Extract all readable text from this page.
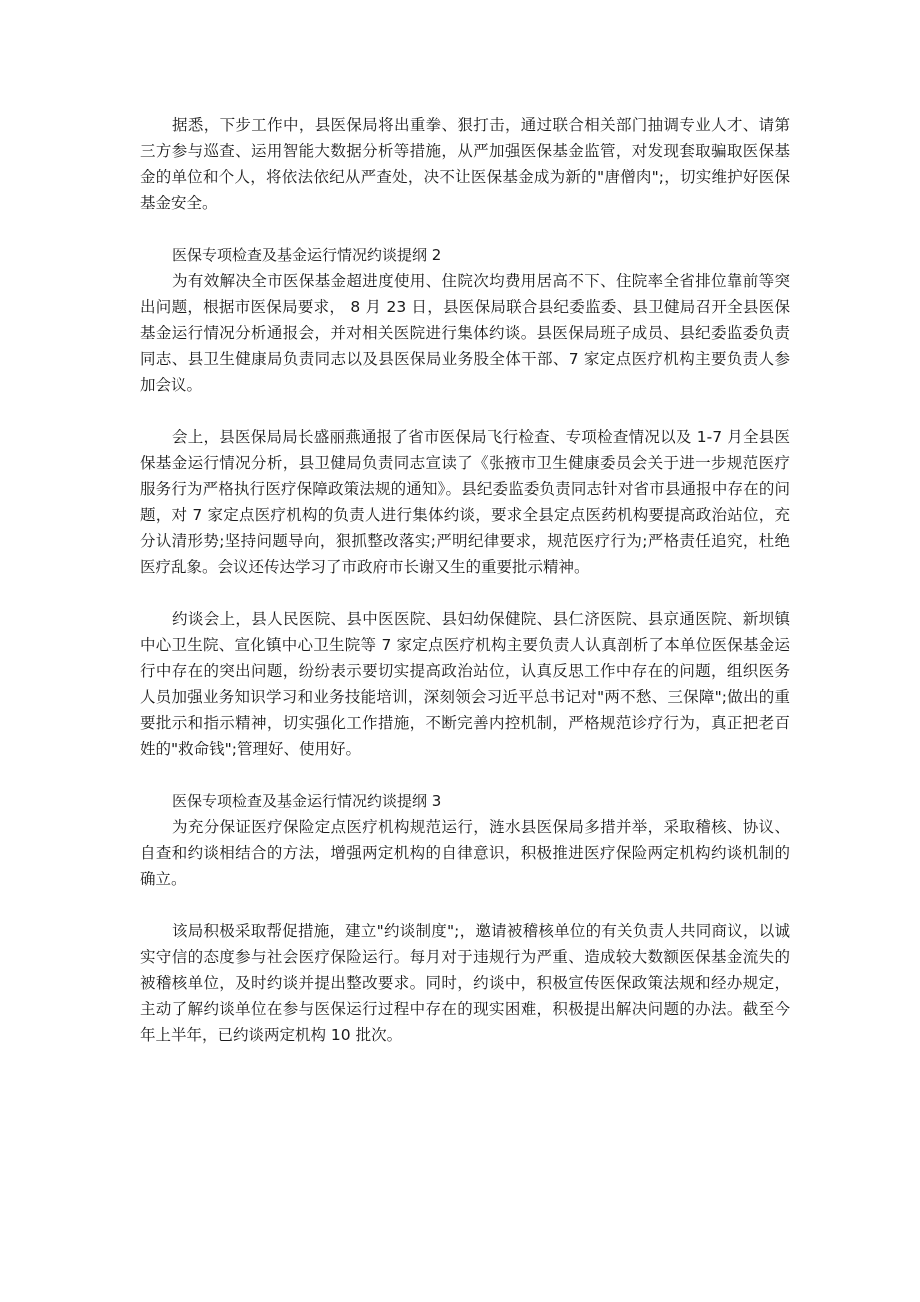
据悉，下步工作中，县医保局将出重拳、狠打击，通过联合相关部门抽调专业人才、请第三方参与巡查、运用智能大数据分析等措施，从严加强医保基金监管，对发现套取骗取医保基金的单位和个人，将依法依纪从严查处，决不让医保基金成为新的"唐僧肉";，切实维护好医保基金安全。

医保专项检查及基金运行情况约谈提纲 2

为有效解决全市医保基金超进度使用、住院次均费用居高不下、住院率全省排位靠前等突出问题，根据市医保局要求， 8 月 23 日，县医保局联合县纪委监委、县卫健局召开全县医保基金运行情况分析通报会，并对相关医院进行集体约谈。县医保局班子成员、县纪委监委负责同志、县卫生健康局负责同志以及县医保局业务股全体干部、7 家定点医疗机构主要负责人参加会议。

会上，县医保局局长盛丽燕通报了省市医保局飞行检查、专项检查情况以及 1-7 月全县医保基金运行情况分析，县卫健局负责同志宣读了《张掖市卫生健康委员会关于进一步规范医疗服务行为严格执行医疗保障政策法规的通知》。县纪委监委负责同志针对省市县通报中存在的问题，对 7 家定点医疗机构的负责人进行集体约谈，要求全县定点医药机构要提高政治站位，充分认清形势;坚持问题导向，狠抓整改落实;严明纪律要求，规范医疗行为;严格责任追究，杜绝医疗乱象。会议还传达学习了市政府市长谢又生的重要批示精神。

约谈会上，县人民医院、县中医医院、县妇幼保健院、县仁济医院、县京通医院、新坝镇中心卫生院、宣化镇中心卫生院等 7 家定点医疗机构主要负责人认真剖析了本单位医保基金运行中存在的突出问题，纷纷表示要切实提高政治站位，认真反思工作中存在的问题，组织医务人员加强业务知识学习和业务技能培训，深刻领会习近平总书记对"两不愁、三保障";做出的重要批示和指示精神，切实强化工作措施，不断完善内控机制，严格规范诊疗行为，真正把老百姓的"救命钱";管理好、使用好。

医保专项检查及基金运行情况约谈提纲 3

为充分保证医疗保险定点医疗机构规范运行，涟水县医保局多措并举，采取稽核、协议、自查和约谈相结合的方法，增强两定机构的自律意识，积极推进医疗保险两定机构约谈机制的确立。

该局积极采取帮促措施，建立"约谈制度";，邀请被稽核单位的有关负责人共同商议，以诚实守信的态度参与社会医疗保险运行。每月对于违规行为严重、造成较大数额医保基金流失的被稽核单位，及时约谈并提出整改要求。同时，约谈中，积极宣传医保政策法规和经办规定，主动了解约谈单位在参与医保运行过程中存在的现实困难，积极提出解决问题的办法。截至今年上半年，已约谈两定机构 10 批次。
